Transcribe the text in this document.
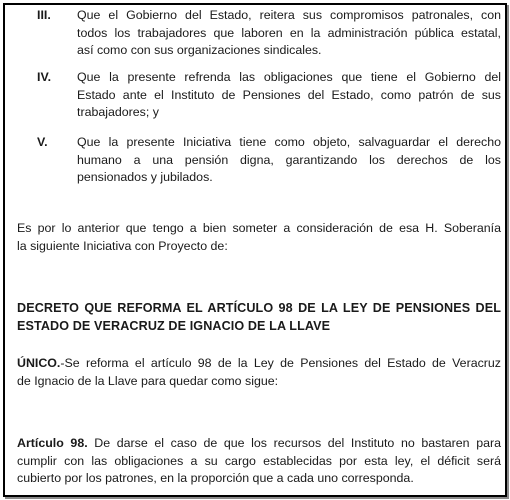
III. Que el Gobierno del Estado, reitera sus compromisos patronales, con
todos los trabajadores que laboren en la administración pública estatal,
así como con sus organizaciones sindicales.
IV. Que la presente refrenda las obligaciones que tiene el Gobierno del
Estado ante el Instituto de Pensiones del Estado, como patrón de sus
trabajadores; y
V. Que la presente Iniciativa tiene como objeto, salvaguardar el derecho
humano a una pensión digna, garantizando los derechos de los
pensionados y jubilados.
Es por lo anterior que tengo a bien someter a consideración de esa H. Soberanía
la siguiente Iniciativa con Proyecto de:
DECRETO QUE REFORMA EL ARTÍCULO 98 DE LA LEY DE PENSIONES DEL
ESTADO DE VERACRUZ DE IGNACIO DE LA LLAVE
ÚNICO.-Se reforma el artículo 98 de la Ley de Pensiones del Estado de Veracruz
de Ignacio de la Llave para quedar como sigue:
Artículo 98. De darse el caso de que los recursos del Instituto no bastaren para
cumplir con las obligaciones a su cargo establecidas por esta ley, el déficit será
cubierto por los patrones, en la proporción que a cada uno corresponda.
